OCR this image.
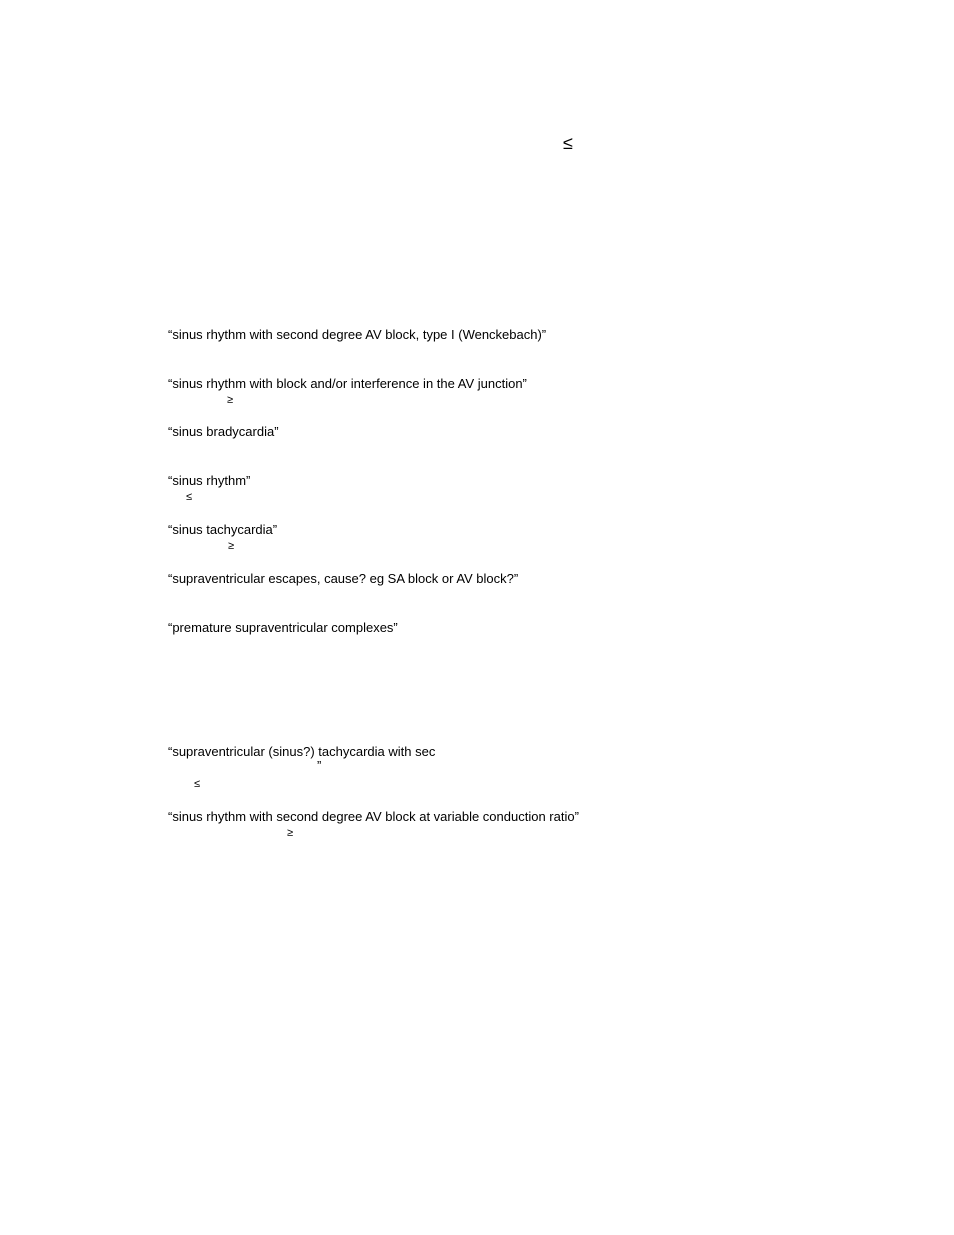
≤
“sinus rhythm with second degree AV block, type I (Wenckebach)”
“sinus rhythm with block and/or interference in the AV junction”
≥
“sinus bradycardia”
“sinus rhythm”
≤
“sinus tachycardia”
≥
“supraventricular escapes, cause? eg SA block or AV block?”
“premature supraventricular complexes”
“supraventricular (sinus?) tachycardia with sec
”
≤
“sinus rhythm with second degree AV block at variable conduction ratio”
≥
